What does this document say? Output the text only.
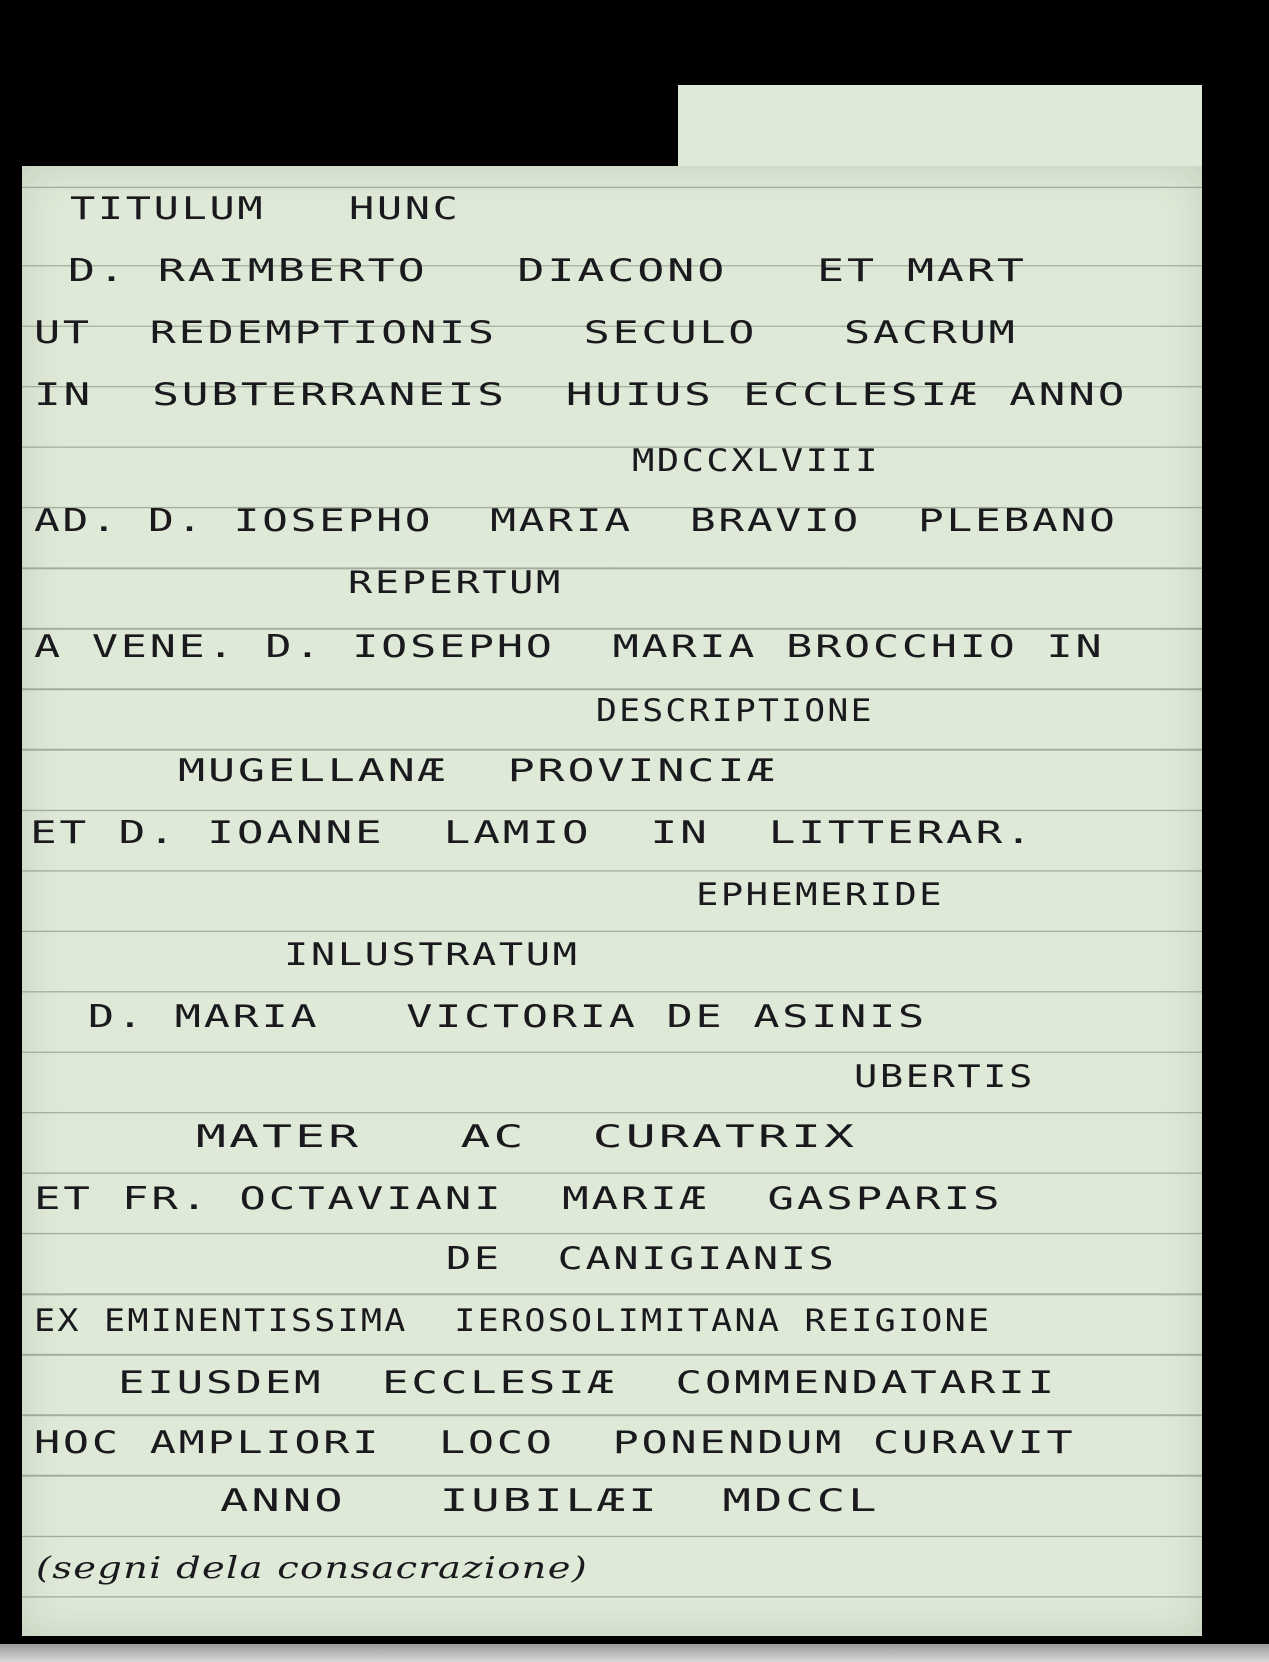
TITULUM   HUNC

D. RAIMBERTO   DIACONO   ET MART

UT  REDEMPTIONIS   SECULO   SACRUM

IN  SUBTERRANEIS  HUIUS ECCLESIÆ ANNO

MDCCXLVIII

AD. D. IOSEPHO  MARIA  BRAVIO  PLEBANO

REPERTUM

A VENE. D. IOSEPHO  MARIA BROCCHIO IN

DESCRIPTIONE

MUGELLANÆ  PROVINCIÆ

ET D. IOANNE  LAMIO  IN  LITTERAR.

EPHEMERIDE

INLUSTRATUM

D. MARIA   VICTORIA DE ASINIS

UBERTIS

MATER   AC  CURATRIX

ET FR. OCTAVIANI  MARIÆ  GASPARIS

DE  CANIGIANIS

EX EMINENTISSIMA  IEROSOLIMITANA REIGIONE

EIUSDEM  ECCLESIÆ  COMMENDATARII

HOC AMPLIORI  LOCO  PONENDUM CURAVIT

ANNO   IUBILÆI  MDCCL

(segni dela consacrazione)
